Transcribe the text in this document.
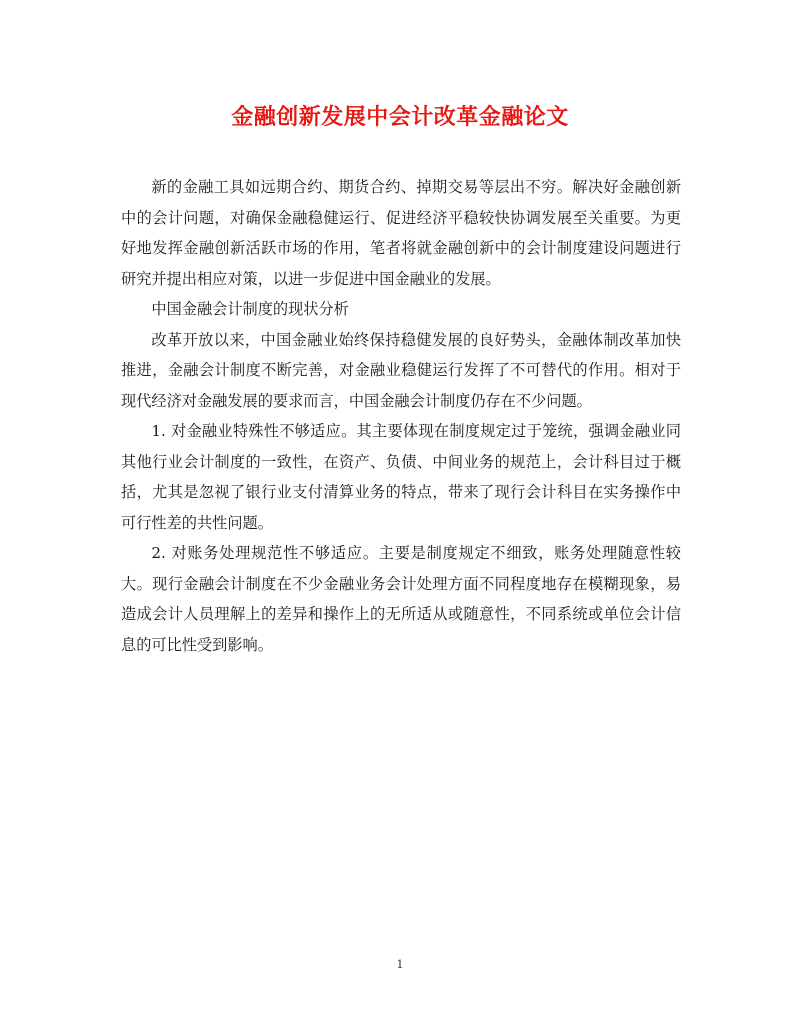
金融创新发展中会计改革金融论文

新的金融工具如远期合约、期货合约、掉期交易等层出不穷。解决好金融创新中的会计问题，对确保金融稳健运行、促进经济平稳较快协调发展至关重要。为更好地发挥金融创新活跃市场的作用，笔者将就金融创新中的会计制度建设问题进行研究并提出相应对策，以进一步促进中国金融业的发展。

中国金融会计制度的现状分析

改革开放以来，中国金融业始终保持稳健发展的良好势头，金融体制改革加快推进，金融会计制度不断完善，对金融业稳健运行发挥了不可替代的作用。相对于现代经济对金融发展的要求而言，中国金融会计制度仍存在不少问题。

1. 对金融业特殊性不够适应。其主要体现在制度规定过于笼统，强调金融业同其他行业会计制度的一致性，在资产、负债、中间业务的规范上，会计科目过于概括，尤其是忽视了银行业支付清算业务的特点，带来了现行会计科目在实务操作中可行性差的共性问题。

2. 对账务处理规范性不够适应。主要是制度规定不细致，账务处理随意性较大。现行金融会计制度在不少金融业务会计处理方面不同程度地存在模糊现象，易造成会计人员理解上的差异和操作上的无所适从或随意性，不同系统或单位会计信息的可比性受到影响。

1
